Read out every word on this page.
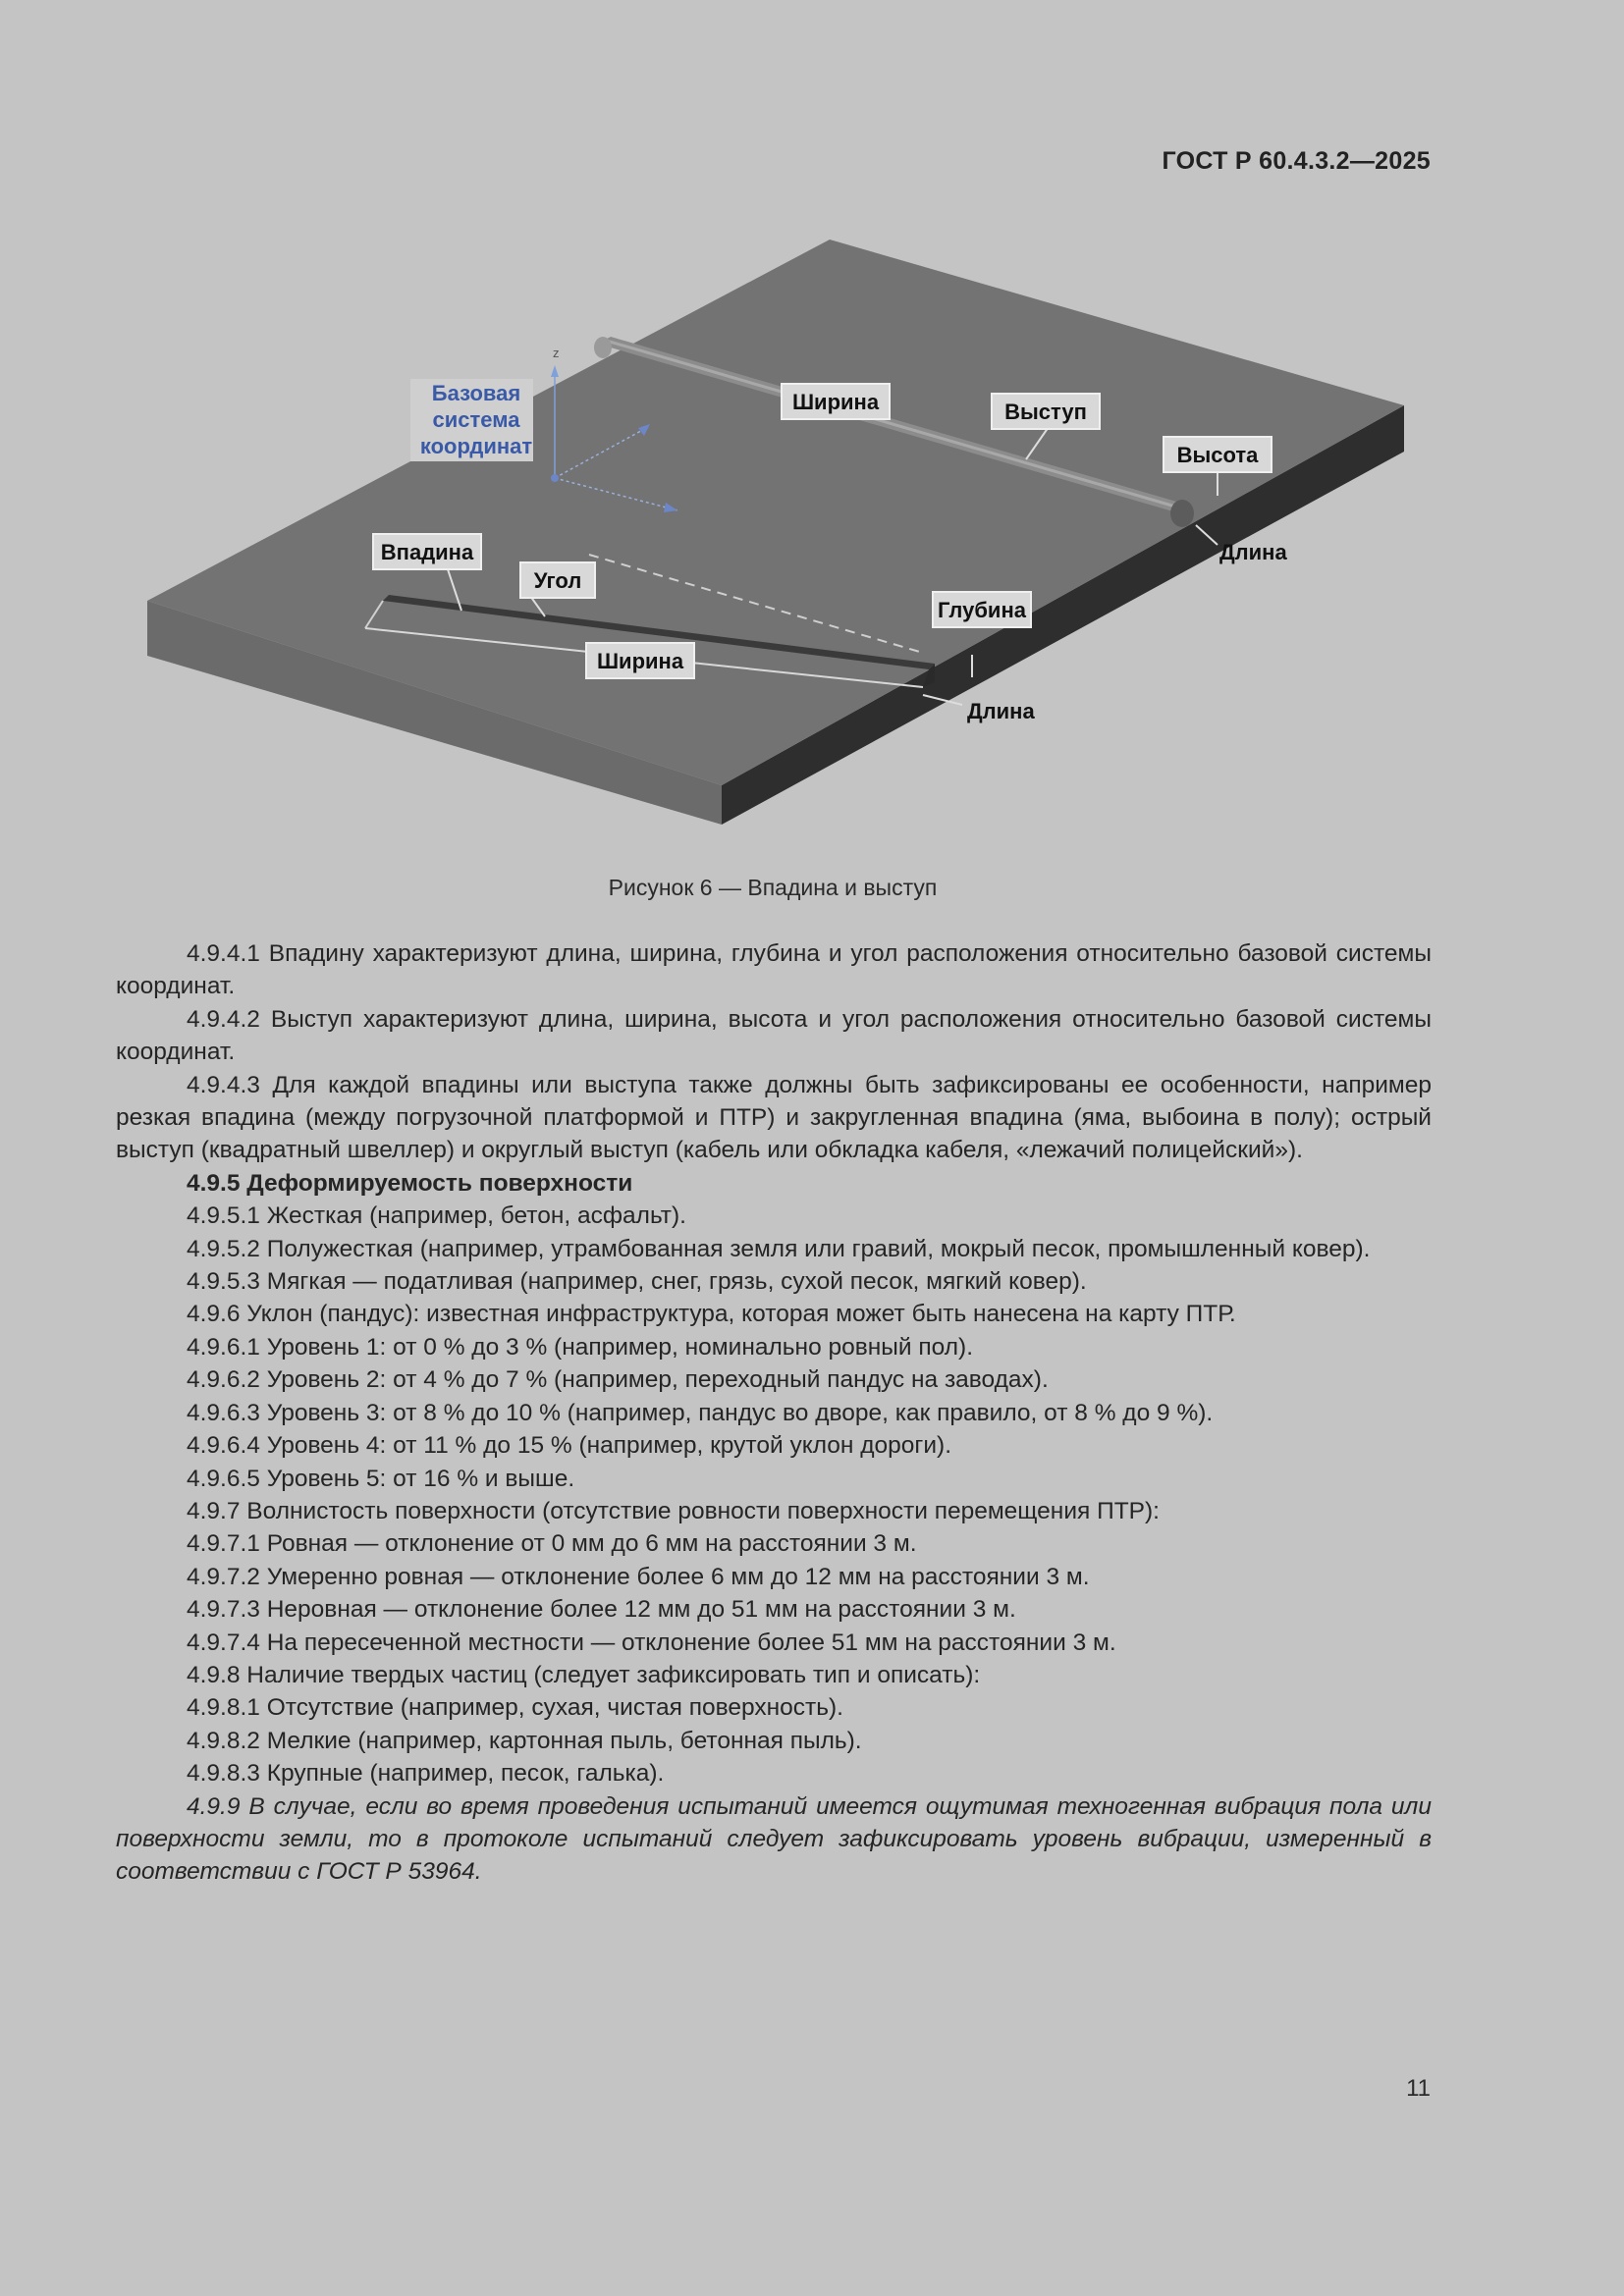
ГОСТ Р 60.4.3.2—2025
z
Базовая
система
координат
Ширина	Выступ
Высота
Длина
Впадина
Угол
Глубина
Ширина
Длина
Рисунок 6 — Впадина и выступ

4.9.4.1 Впадину характеризуют длина, ширина, глубина и угол расположения относительно базовой системы координат.

4.9.4.2 Выступ характеризуют длина, ширина, высота и угол расположения относительно базовой системы координат.

4.9.4.3 Для каждой впадины или выступа также должны быть зафиксированы ее особенности, например резкая впадина (между погрузочной платформой и ПТР) и закругленная впадина (яма, выбоина в полу); острый выступ (квадратный швеллер) и округлый выступ (кабель или обкладка кабеля, «лежачий полицейский»).

4.9.5 Деформируемость поверхности

4.9.5.1 Жесткая (например, бетон, асфальт).

4.9.5.2 Полужесткая (например, утрамбованная земля или гравий, мокрый песок, промышленный ковер).

4.9.5.3 Мягкая — податливая (например, снег, грязь, сухой песок, мягкий ковер).

4.9.6 Уклон (пандус): известная инфраструктура, которая может быть нанесена на карту ПТР.

4.9.6.1 Уровень 1: от 0 % до 3 % (например, номинально ровный пол).

4.9.6.2 Уровень 2: от 4 % до 7 % (например, переходный пандус на заводах).

4.9.6.3 Уровень 3: от 8 % до 10 % (например, пандус во дворе, как правило, от 8 % до 9 %).

4.9.6.4 Уровень 4: от 11 % до 15 % (например, крутой уклон дороги).

4.9.6.5 Уровень 5: от 16 % и выше.

4.9.7 Волнистость поверхности (отсутствие ровности поверхности перемещения ПТР):

4.9.7.1 Ровная — отклонение от 0 мм до 6 мм на расстоянии 3 м.

4.9.7.2 Умеренно ровная — отклонение более 6 мм до 12 мм на расстоянии 3 м.

4.9.7.3 Неровная — отклонение более 12 мм до 51 мм на расстоянии 3 м.

4.9.7.4 На пересеченной местности — отклонение более 51 мм на расстоянии 3 м.

4.9.8 Наличие твердых частиц (следует зафиксировать тип и описать):

4.9.8.1 Отсутствие (например, сухая, чистая поверхность).

4.9.8.2 Мелкие (например, картонная пыль, бетонная пыль).

4.9.8.3 Крупные (например, песок, галька).

4.9.9 В случае, если во время проведения испытаний имеется ощутимая техногенная вибрация пола или поверхности земли, то в протоколе испытаний следует зафиксировать уровень вибрации, измеренный в соответствии с ГОСТ Р 53964.

11
